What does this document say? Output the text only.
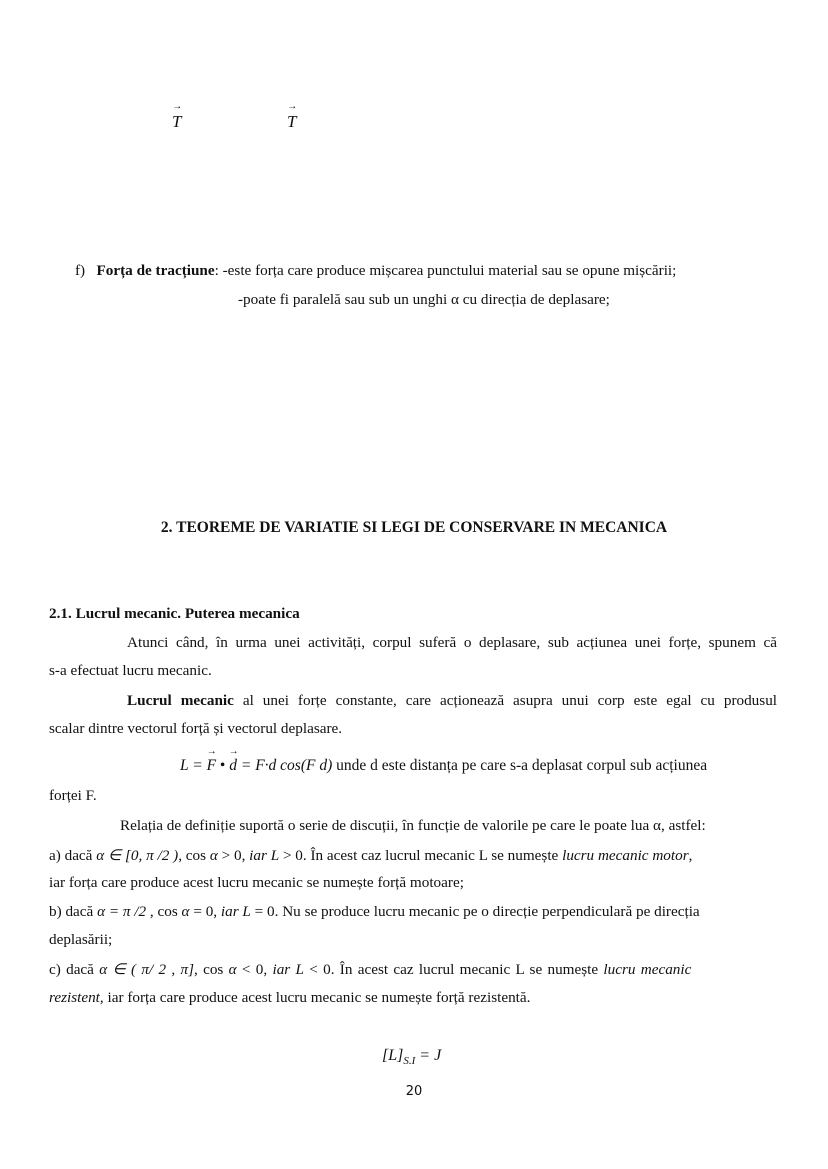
→ T	→ T
f) Forța de tracțiune: -este forța care produce mișcarea punctului material sau se opune mișcării;
-poate fi paralelă sau sub un unghi α cu direcția de deplasare;
2. TEOREME DE VARIATIE SI LEGI DE CONSERVARE IN MECANICA
2.1. Lucrul mecanic. Puterea mecanica
Atunci când, în urma unei activități, corpul suferă o deplasare, sub acțiunea unei forțe, spunem că
s-a efectuat lucru mecanic.
Lucrul mecanic al unei forțe constante, care acționează asupra unui corp este egal cu produsul
scalar dintre vectorul forță și vectorul deplasare.
L = → F • → d = F·d cos(F d) unde d este distanța pe care s-a deplasat corpul sub acțiunea
forței F.
Relația de definiție suportă o serie de discuții, în funcție de valorile pe care le poate lua α, astfel:
a) dacă α ∈ [0, π /2 ), cos α > 0, iar L > 0. În acest caz lucrul mecanic L se numește lucru mecanic motor,
iar forța care produce acest lucru mecanic se numește forță motoare;
b) dacă α = π /2 , cos α = 0, iar L = 0. Nu se produce lucru mecanic pe o direcție perpendiculară pe direcția
deplasării;
c) dacă α ∈ ( π/ 2 , π], cos α < 0, iar L < 0. În acest caz lucrul mecanic L se numește lucru mecanic
rezistent, iar forța care produce acest lucru mecanic se numește forță rezistentă.
$[L]_{S.I} = J$
20
